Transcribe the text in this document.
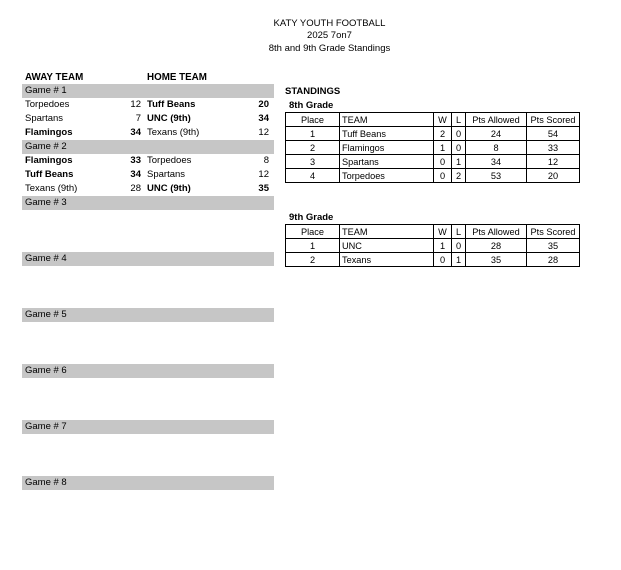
KATY YOUTH FOOTBALL
2025 7on7
8th and 9th Grade Standings
AWAY TEAM	HOME TEAM
Game # 1
Torpedoes	12 Tuff Beans	20
Spartans	7 UNC (9th)	34
Flamingos	34 Texans (9th)	12
Game # 2
Flamingos	33 Torpedoes	8
Tuff Beans	34 Spartans	12
Texans (9th)	28 UNC (9th)	35
Game # 3
Game # 4
Game # 5
Game # 6
Game # 7
Game # 8
STANDINGS
8th Grade
Place	TEAM	W	L	Pts Allowed	Pts Scored
1	Tuff Beans	2	0	24	54
2	Flamingos	1	0	8	33
3	Spartans	0	1	34	12
4	Torpedoes	0	2	53	20
9th Grade
Place	TEAM	W	L	Pts Allowed	Pts Scored
1	UNC	1	0	28	35
2	Texans	0	1	35	28
